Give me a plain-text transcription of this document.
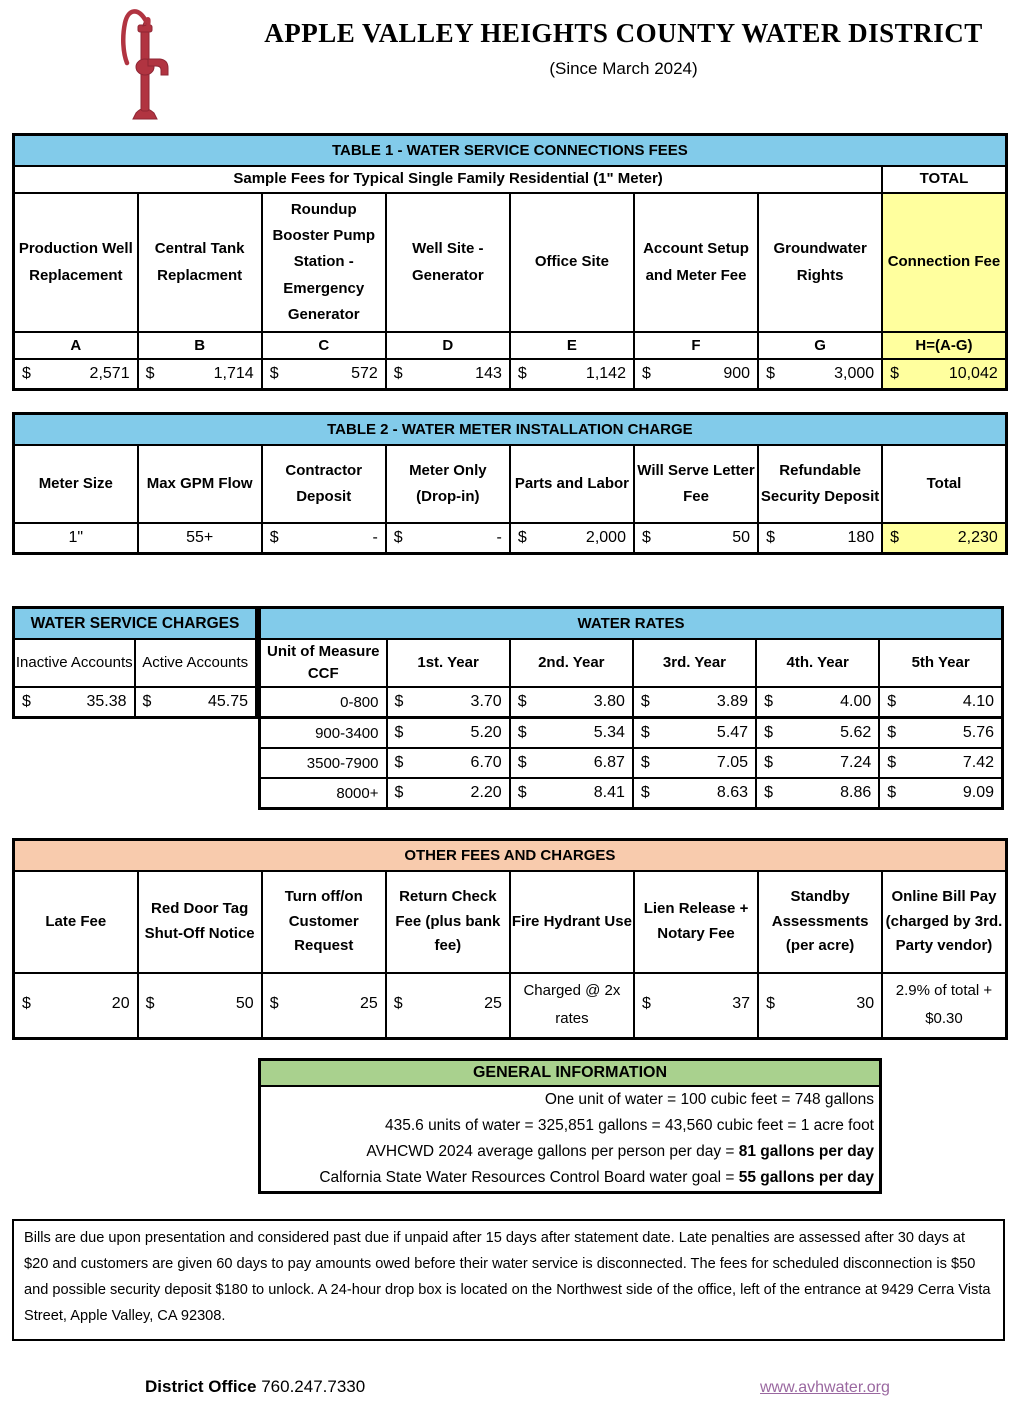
APPLE VALLEY HEIGHTS COUNTY WATER DISTRICT
(Since March 2024)
TABLE 1 - WATER SERVICE CONNECTIONS FEES							
Sample Fees for Typical Single Family Residential (1" Meter)							TOTAL
Production Well Replacement	Central Tank Replacment	Roundup Booster Pump Station - Emergency Generator	Well Site - Generator	Office Site	Account Setup and Meter Fee	Groundwater Rights	Connection Fee
A	B	C	D	E	F	G	H=(A-G)

$ 2,571	$ 1,714	$ 572	$ 143	$ 1,142	$ 900	$ 3,000	$ 10,042
TABLE 2 - WATER METER INSTALLATION CHARGE							
Meter Size	Max GPM Flow	Contractor Deposit	Meter Only (Drop-in)	Parts and Labor	Will Serve Letter Fee	Refundable Security Deposit	Total
1"	55+	$ -	$ -	$ 2,000	$ 50	$ 180	$ 2,230
WATER SERVICE CHARGES	
Inactive Accounts	Active Accounts

$ 35.38	$ 45.75
WATER RATES					
Unit of Measure CCF	1st. Year	2nd. Year	3rd. Year	4th. Year	5th Year
0-800	$ 3.70	$ 3.80	$ 3.89	$ 4.00	$ 4.10

900-3400	$ 5.20	$ 5.34	$ 5.47	$ 5.62	$ 5.76

3500-7900	$ 6.70	$ 6.87	$ 7.05	$ 7.24	$ 7.42

8000+	$ 2.20	$ 8.41	$ 8.63	$ 8.86	$ 9.09
OTHER FEES AND CHARGES							
Late Fee	Red Door Tag Shut-Off Notice	Turn off/on Customer Request	Return Check Fee (plus bank fee)	Fire Hydrant Use	Lien Release + Notary Fee	Standby Assessments (per acre)	Online Bill Pay (charged by 3rd. Party vendor)

$ 20	$ 50	$ 25	$ 25	Charged @ 2x rates	$ 37	$ 30	2.9% of total + $0.30
GENERAL INFORMATION
One unit of water = 100 cubic feet = 748 gallons
435.6 units of water = 325,851 gallons = 43,560 cubic feet = 1 acre foot
AVHCWD 2024 average gallons per person per day = 81 gallons per day
Calfornia State Water Resources Control Board water goal = 55 gallons per day
Bills are due upon presentation and considered past due if unpaid after 15 days after statement date. Late penalties are assessed after 30 days at $20 and customers are given 60 days to pay amounts owed before their water service is disconnected. The fees for scheduled disconnection is $50 and possible security deposit $180 to unlock. A 24-hour drop box is located on the Northwest side of the office, left of the entrance at 9429 Cerra Vista Street, Apple Valley, CA 92308.
District Office 760.247.7330	www.avhwater.org
